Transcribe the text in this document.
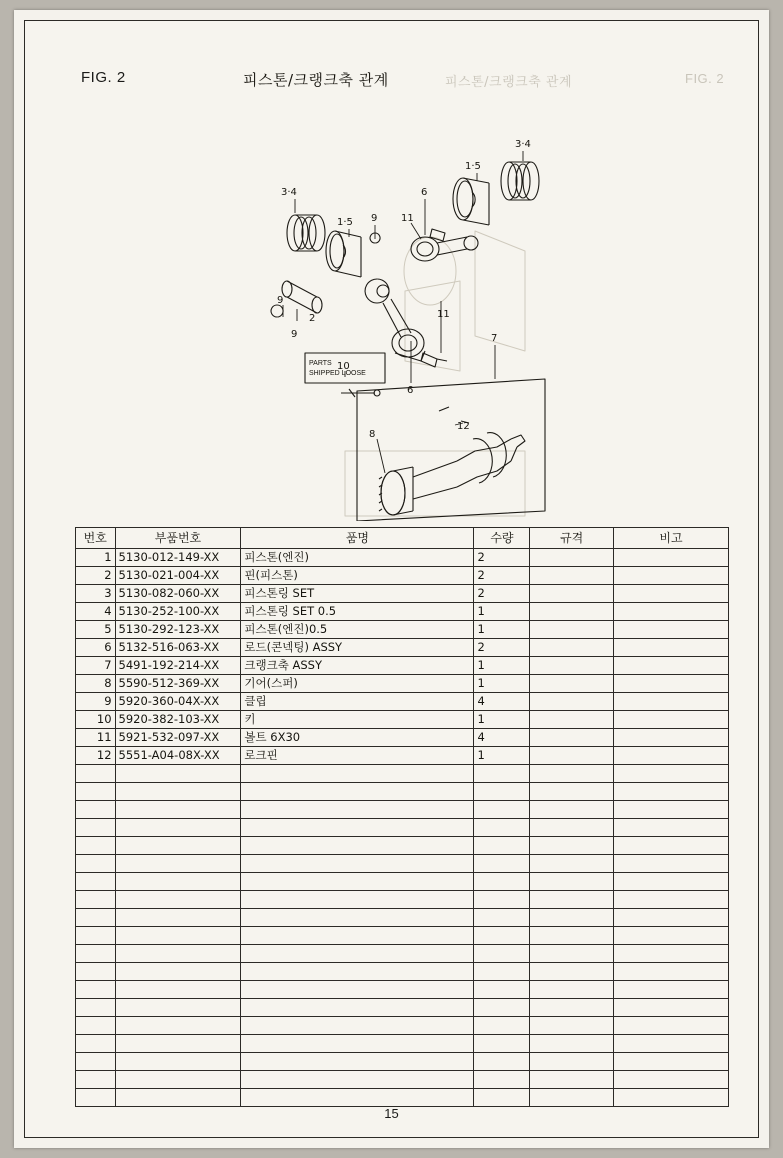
피스톤/크랭크축 관계	FIG. 2
FIG. 2	피스톤/크랭크축 관계
3·4
1·5 9
6
11
1·5
3·4
9
9
2	11
6
10
7
8
12
PARTS
SHIPPED LOOSE
번호	부품번호	품명	수량	규격	비고
1	5130-012-149-XX	피스톤(엔진)	2		
2	5130-021-004-XX	핀(피스톤)	2		
3	5130-082-060-XX	피스톤링 SET	2		
4	5130-252-100-XX	피스톤링 SET 0.5	1		
5	5130-292-123-XX	피스톤(엔진)0.5	1		
6	5132-516-063-XX	로드(콘넥팅) ASSY	2		
7	5491-192-214-XX	크랭크축 ASSY	1		
8	5590-512-369-XX	기어(스퍼)	1		
9	5920-360-04X-XX	클립	4		
10	5920-382-103-XX	키	1		
11	5921-532-097-XX	볼트 6X30	4		
12	5551-A04-08X-XX	로크핀	1		

15
